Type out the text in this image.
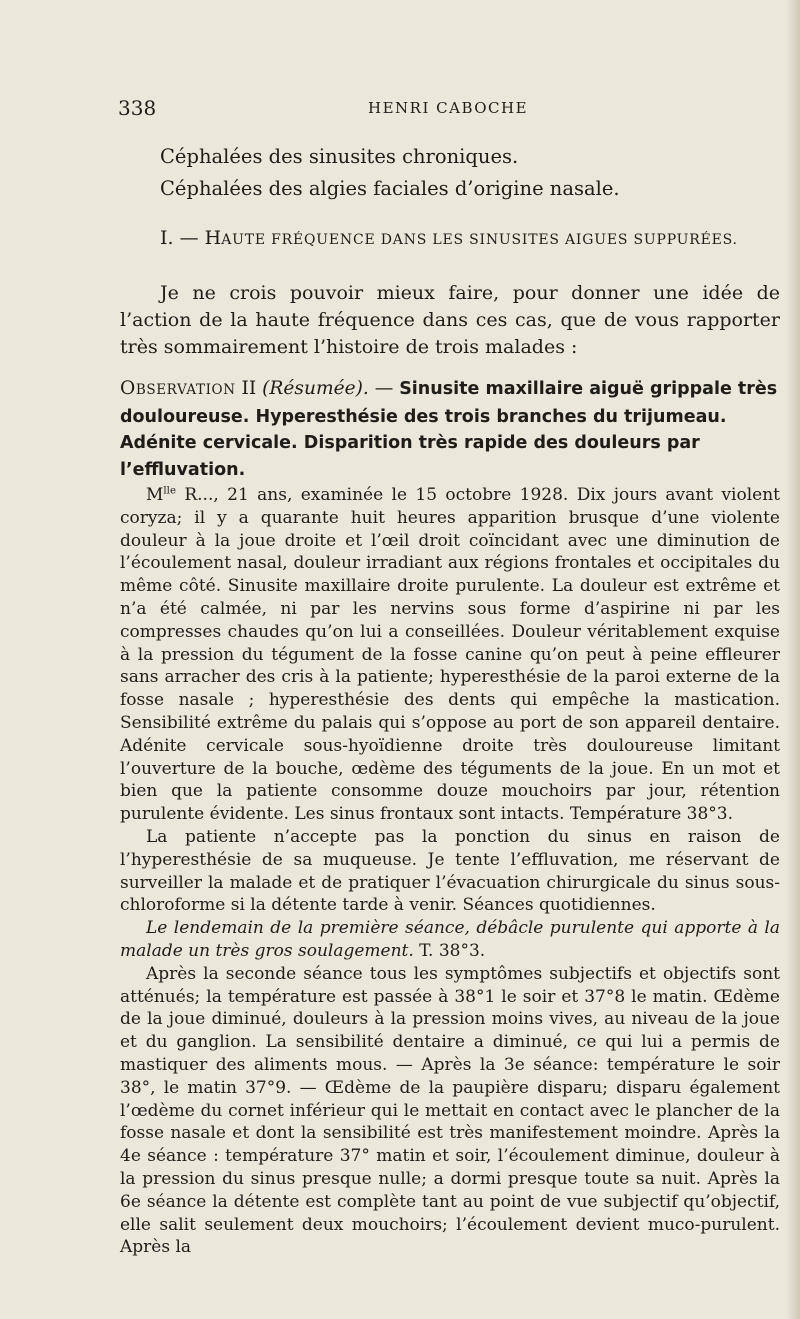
338	HENRI CABOCHE
Céphalées des sinusites chroniques.
Céphalées des algies faciales d’origine nasale.
I. — HAUTE FRÉQUENCE DANS LES SINUSITES AIGUES SUPPURÉES.
Je ne crois pouvoir mieux faire, pour donner une idée de l’action de la haute fréquence dans ces cas, que de vous rapporter très sommairement l’histoire de trois malades :
OBSERVATION II (Résumée). — Sinusite maxillaire aiguë grippale très douloureuse. Hyperesthésie des trois branches du trijumeau. Adénite cervicale. Disparition très rapide des douleurs par l’effluvation.

$M^{lle}$ R..., 21 ans, examinée le 15 octobre 1928. Dix jours avant violent coryza; il y a quarante huit heures apparition brusque d’une violente douleur à la joue droite et l’œil droit coïncidant avec une diminution de l’écoulement nasal, douleur irradiant aux régions frontales et occipitales du même côté. Sinusite maxillaire droite purulente. La douleur est extrême et n’a été calmée, ni par les nervins sous forme d’aspirine ni par les compresses chaudes qu’on lui a conseillées. Douleur véritablement exquise à la pression du tégument de la fosse canine qu’on peut à peine effleurer sans arracher des cris à la patiente; hyperesthésie de la paroi externe de la fosse nasale ; hyperesthésie des dents qui empêche la mastication. Sensibilité extrême du palais qui s’oppose au port de son appareil dentaire. Adénite cervicale sous-hyoïdienne droite très douloureuse limitant l’ouverture de la bouche, œdème des téguments de la joue. En un mot et bien que la patiente consomme douze mouchoirs par jour, rétention purulente évidente. Les sinus frontaux sont intacts. Température 38°3.

La patiente n’accepte pas la ponction du sinus en raison de l’hyperesthésie de sa muqueuse. Je tente l’effluvation, me réservant de surveiller la malade et de pratiquer l’évacuation chirurgicale du sinus sous-chloroforme si la détente tarde à venir. Séances quotidiennes.

Le lendemain de la première séance, débâcle purulente qui apporte à la malade un très gros soulagement. T. 38°3.

Après la seconde séance tous les symptômes subjectifs et objectifs sont atténués; la température est passée à 38°1 le soir et 37°8 le matin. Œdème de la joue diminué, douleurs à la pression moins vives, au niveau de la joue et du ganglion. La sensibilité dentaire a diminué, ce qui lui a permis de mastiquer des aliments mous. — Après la 3e séance: température le soir 38°, le matin 37°9. — Œdème de la paupière disparu; disparu également l’œdème du cornet inférieur qui le mettait en contact avec le plancher de la fosse nasale et dont la sensibilité est très manifestement moindre. Après la 4e séance : température 37° matin et soir, l’écoulement diminue, douleur à la pression du sinus presque nulle; a dormi presque toute sa nuit. Après la 6e séance la détente est complète tant au point de vue subjectif qu’objectif, elle salit seulement deux mouchoirs; l’écoulement devient muco-purulent. Après la
